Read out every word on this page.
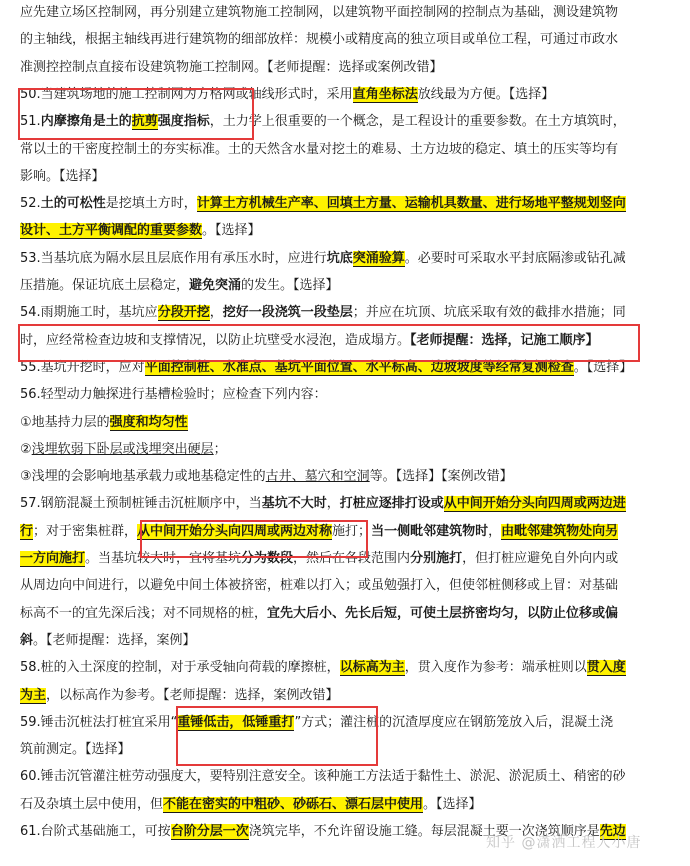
应先建立场区控制网，再分别建立建筑物施工控制网，以建筑物平面控制网的控制点为基础，测设建筑物
的主轴线，根据主轴线再进行建筑物的细部放样：规模小或精度高的独立项目或单位工程，可通过市政水
准测控控制点直接布设建筑物施工控制网。【老师提醒：选择或案例改错】
50.当建筑场地的施工控制网为方格网或轴线形式时，采用直角坐标法放线最为方便。【选择】
51.内摩擦角是土的抗剪强度指标，土力学上很重要的一个概念，是工程设计的重要参数。在土方填筑时，
常以土的干密度控制土的夯实标准。土的天然含水量对挖土的难易、土方边坡的稳定、填土的压实等均有
影响。【选择】
52.土的可松性是挖填土方时，计算土方机械生产率、回填土方量、运输机具数量、进行场地平整规划竖向
设计、土方平衡调配的重要参数。【选择】
53.当基坑底为隔水层且层底作用有承压水时，应进行坑底突涌验算。必要时可采取水平封底隔渗或钻孔减
压措施。保证坑底土层稳定，避免突涌的发生。【选择】
54.雨期施工时，基坑应分段开挖，挖好一段浇筑一段垫层；并应在坑顶、坑底采取有效的截排水措施；同
时，应经常检查边坡和支撑情况，以防止坑壁受水浸泡，造成塌方。【老师提醒：选择，记施工顺序】
55.基坑开挖时，应对平面控制桩、水准点、基坑平面位置、水平标高、边坡坡度等经常复测检查。【选择】
56.轻型动力触探进行基槽检验时；应检查下列内容：
①地基持力层的强度和均匀性
②浅埋软弱下卧层或浅埋突出硬层；
③浅埋的会影响地基承载力或地基稳定性的古井、墓穴和空洞等。【选择】【案例改错】
57.钢筋混凝土预制桩锤击沉桩顺序中，当基坑不大时，打桩应逐排打设或从中间开始分头向四周或两边进
行；对于密集桩群，从中间开始分头向四周或两边对称施打；当一侧毗邻建筑物时，由毗邻建筑物处向另
一方向施打。当基坑较大时，宜将基坑分为数段，然后在各段范围内分别施打，但打桩应避免自外向内或
从周边向中间进行，以避免中间土体被挤密，桩难以打入；或虽勉强打入，但使邻桩侧移或上冒：对基础
标高不一的宜先深后浅；对不同规格的桩，宜先大后小、先长后短，可使土层挤密均匀，以防止位移或偏
斜。【老师提醒：选择，案例】
58.桩的入土深度的控制，对于承受轴向荷载的摩擦桩，以标高为主，贯入度作为参考：端承桩则以贯入度
为主，以标高作为参考。【老师提醒：选择，案例改错】
59.锤击沉桩法打桩宜采用“重锤低击，低锤重打”方式；灌注桩的沉渣厚度应在钢筋笼放入后，混凝土浇
筑前测定。【选择】
60.锤击沉管灌注桩劳动强度大，要特别注意安全。该种施工方法适于黏性土、淤泥、淤泥质土、稍密的砂
石及杂填土层中使用，但不能在密实的中粗砂、砂砾石、漂石层中使用。【选择】
61.台阶式基础施工，可按台阶分层一次浇筑完毕，不允许留设施工缝。每层混凝土要一次浇筑顺序是先边
知乎 @潇洒工程人小唐
